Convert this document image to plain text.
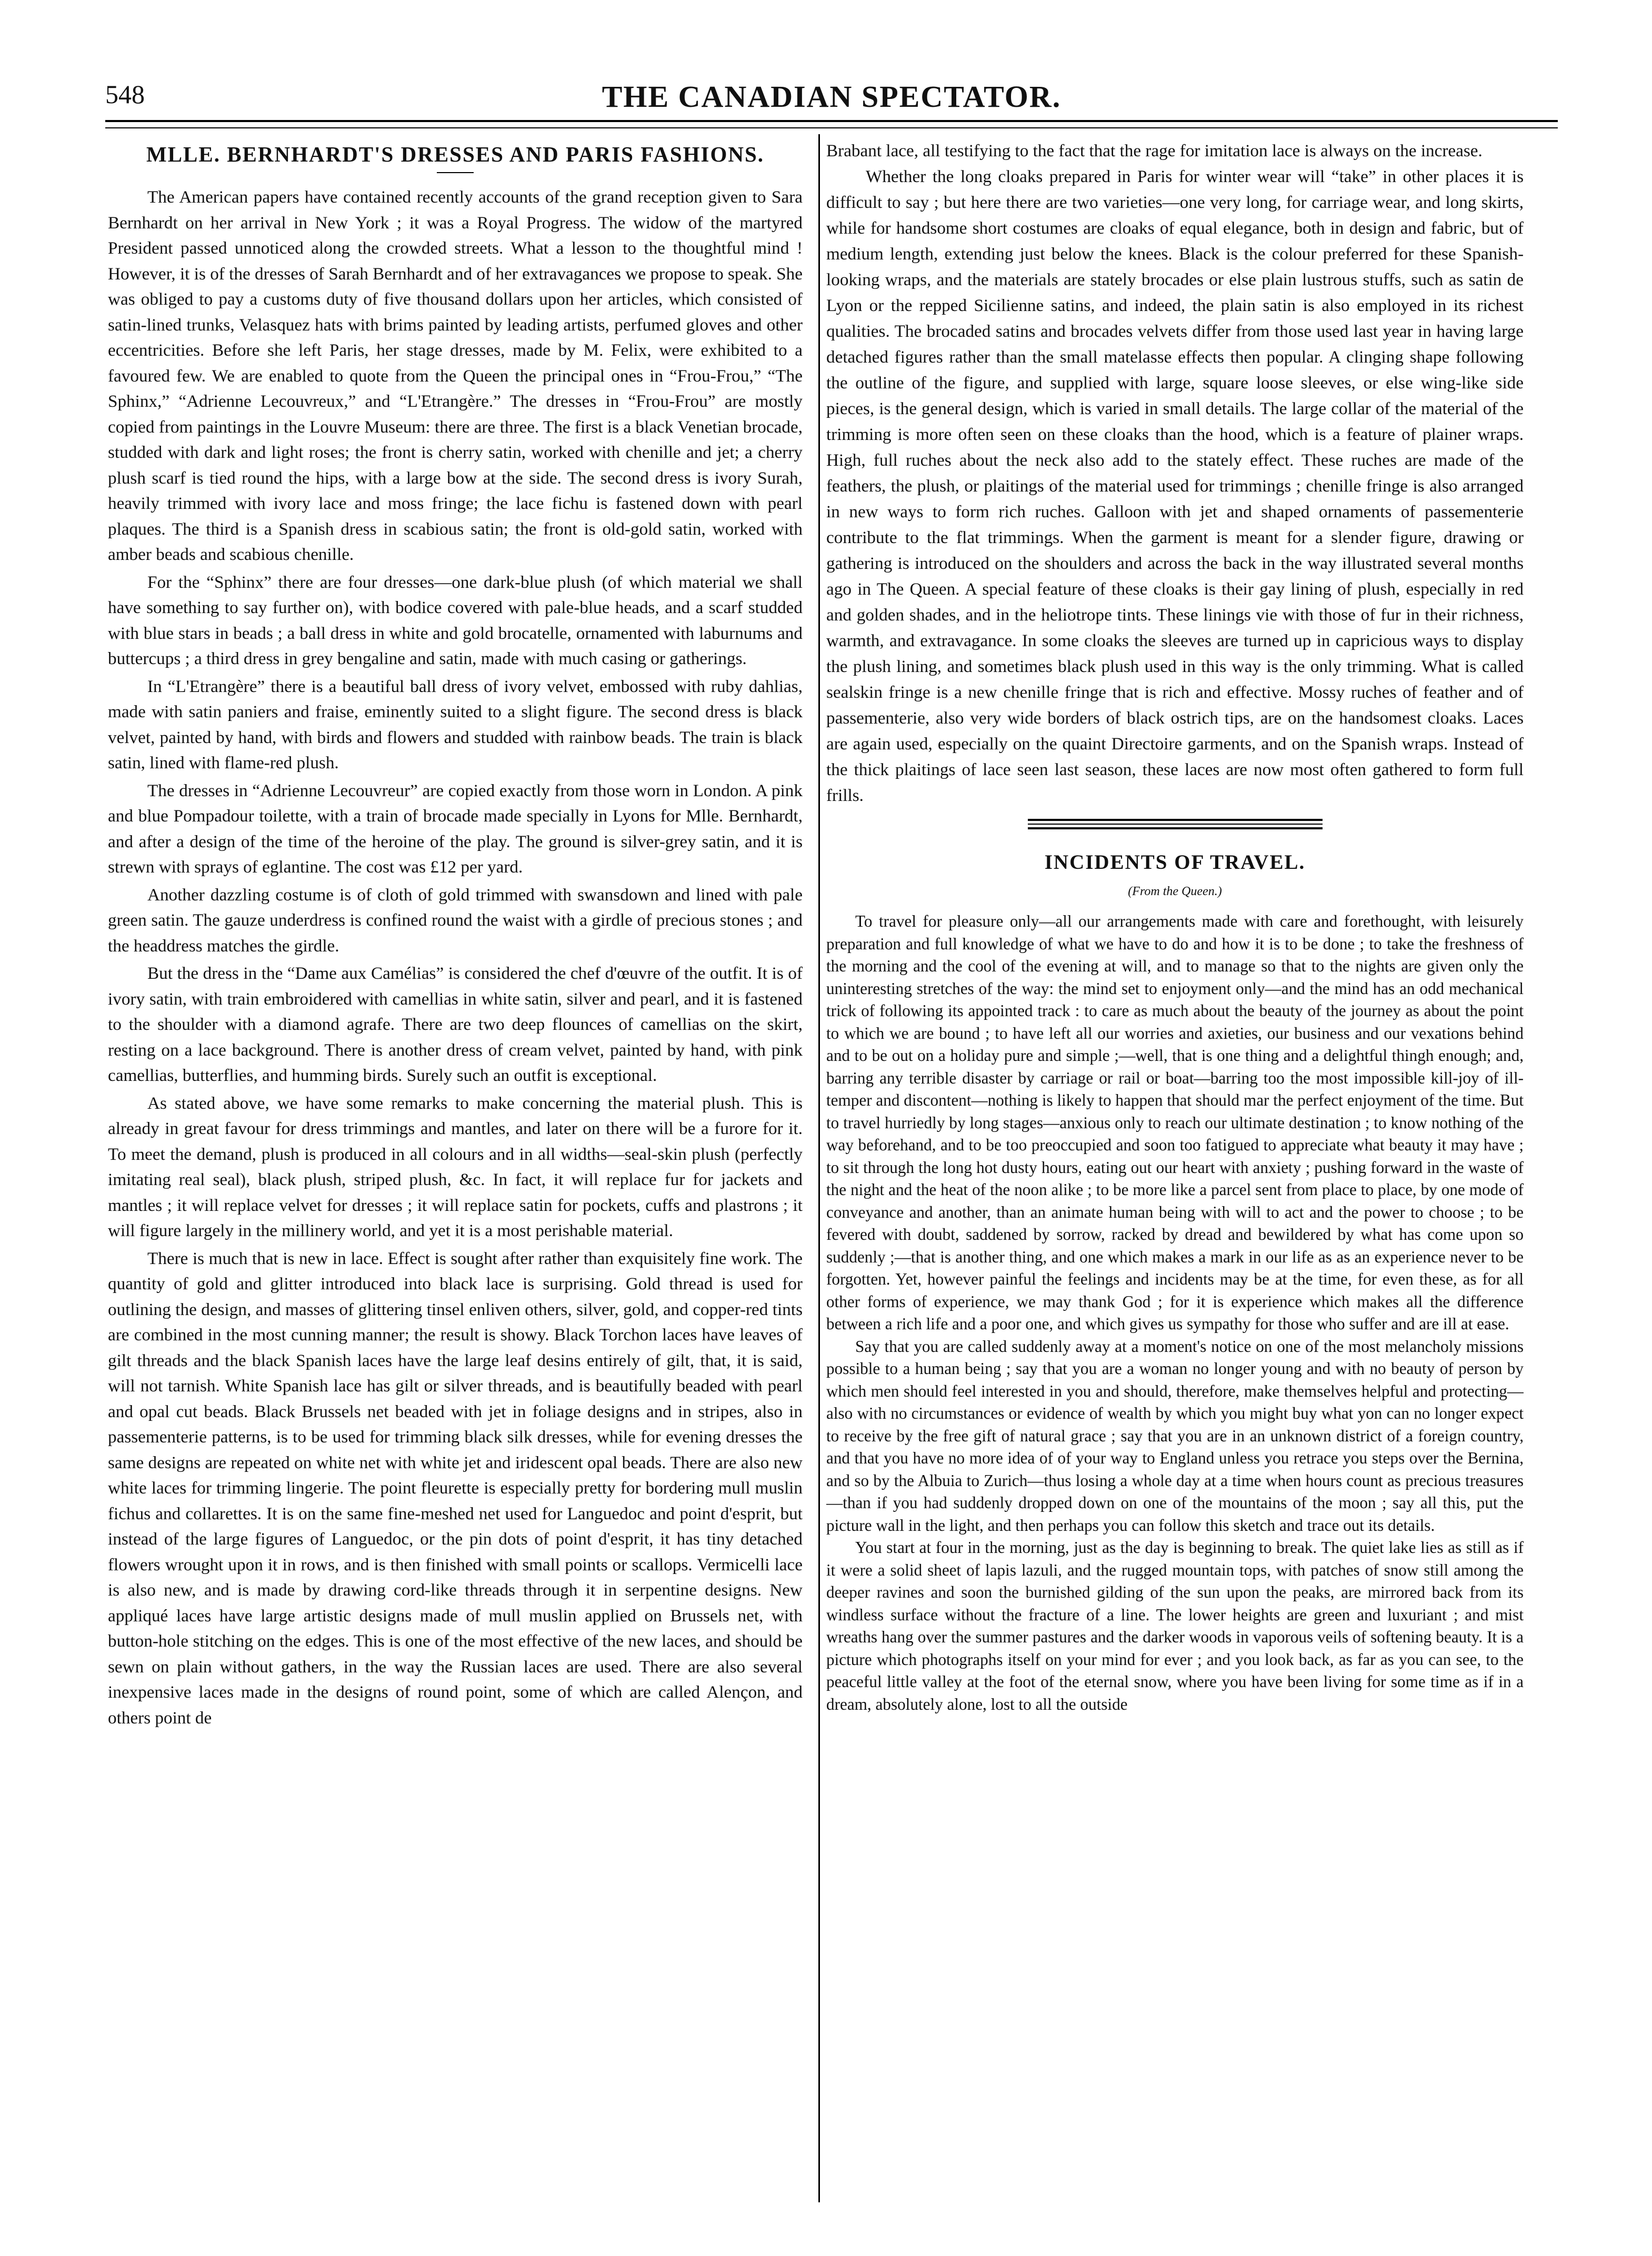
548	THE CANADIAN SPECTATOR.
MLLE. BERNHARDT'S DRESSES AND PARIS FASHIONS.

The American papers have contained recently accounts of the grand reception given to Sara Bernhardt on her arrival in New York ; it was a Royal Progress. The widow of the martyred President passed unnoticed along the crowded streets. What a lesson to the thoughtful mind ! However, it is of the dresses of Sarah Bernhardt and of her extravagances we propose to speak. She was obliged to pay a customs duty of five thousand dollars upon her articles, which consisted of satin-lined trunks, Velasquez hats with brims painted by leading artists, perfumed gloves and other eccentricities. Before she left Paris, her stage dresses, made by M. Felix, were exhibited to a favoured few. We are enabled to quote from the Queen the principal ones in “Frou-Frou,” “The Sphinx,” “Adrienne Lecouvreux,” and “L'Etrangère.” The dresses in “Frou-Frou” are mostly copied from paintings in the Louvre Museum: there are three. The first is a black Venetian brocade, studded with dark and light roses; the front is cherry satin, worked with chenille and jet; a cherry plush scarf is tied round the hips, with a large bow at the side. The second dress is ivory Surah, heavily trimmed with ivory lace and moss fringe; the lace fichu is fastened down with pearl plaques. The third is a Spanish dress in scabious satin; the front is old-gold satin, worked with amber beads and scabious chenille.

For the “Sphinx” there are four dresses—one dark-blue plush (of which material we shall have something to say further on), with bodice covered with pale-blue heads, and a scarf studded with blue stars in beads ; a ball dress in white and gold brocatelle, ornamented with laburnums and buttercups ; a third dress in grey bengaline and satin, made with much casing or gatherings.

In “L'Etrangère” there is a beautiful ball dress of ivory velvet, embossed with ruby dahlias, made with satin paniers and fraise, eminently suited to a slight figure. The second dress is black velvet, painted by hand, with birds and flowers and studded with rainbow beads. The train is black satin, lined with flame-red plush.

The dresses in “Adrienne Lecouvreur” are copied exactly from those worn in London. A pink and blue Pompadour toilette, with a train of brocade made specially in Lyons for Mlle. Bernhardt, and after a design of the time of the heroine of the play. The ground is silver-grey satin, and it is strewn with sprays of eglantine. The cost was £12 per yard.

Another dazzling costume is of cloth of gold trimmed with swansdown and lined with pale green satin. The gauze underdress is confined round the waist with a girdle of precious stones ; and the headdress matches the girdle.

But the dress in the “Dame aux Camélias” is considered the chef d'œuvre of the outfit. It is of ivory satin, with train embroidered with camellias in white satin, silver and pearl, and it is fastened to the shoulder with a diamond agrafe. There are two deep flounces of camellias on the skirt, resting on a lace background. There is another dress of cream velvet, painted by hand, with pink camellias, butterflies, and humming birds. Surely such an outfit is exceptional.

As stated above, we have some remarks to make concerning the material plush. This is already in great favour for dress trimmings and mantles, and later on there will be a furore for it. To meet the demand, plush is produced in all colours and in all widths—seal-skin plush (perfectly imitating real seal), black plush, striped plush, &c. In fact, it will replace fur for jackets and mantles ; it will replace velvet for dresses ; it will replace satin for pockets, cuffs and plastrons ; it will figure largely in the millinery world, and yet it is a most perishable material.

There is much that is new in lace. Effect is sought after rather than exquisitely fine work. The quantity of gold and glitter introduced into black lace is surprising. Gold thread is used for outlining the design, and masses of glittering tinsel enliven others, silver, gold, and copper-red tints are combined in the most cunning manner; the result is showy. Black Torchon laces have leaves of gilt threads and the black Spanish laces have the large leaf desins entirely of gilt, that, it is said, will not tarnish. White Spanish lace has gilt or silver threads, and is beautifully beaded with pearl and opal cut beads. Black Brussels net beaded with jet in foliage designs and in stripes, also in passementerie patterns, is to be used for trimming black silk dresses, while for evening dresses the same designs are repeated on white net with white jet and iridescent opal beads. There are also new white laces for trimming lingerie. The point fleurette is especially pretty for bordering mull muslin fichus and collarettes. It is on the same fine-meshed net used for Languedoc and point d'esprit, but instead of the large figures of Languedoc, or the pin dots of point d'esprit, it has tiny detached flowers wrought upon it in rows, and is then finished with small points or scallops. Vermicelli lace is also new, and is made by drawing cord-like threads through it in serpentine designs. New appliqué laces have large artistic designs made of mull muslin applied on Brussels net, with button-hole stitching on the edges. This is one of the most effective of the new laces, and should be sewn on plain without gathers, in the way the Russian laces are used. There are also several inexpensive laces made in the designs of round point, some of which are called Alençon, and others point de

Brabant lace, all testifying to the fact that the rage for imitation lace is always on the increase.

Whether the long cloaks prepared in Paris for winter wear will “take” in other places it is difficult to say ; but here there are two varieties—one very long, for carriage wear, and long skirts, while for handsome short costumes are cloaks of equal elegance, both in design and fabric, but of medium length, extending just below the knees. Black is the colour preferred for these Spanish-looking wraps, and the materials are stately brocades or else plain lustrous stuffs, such as satin de Lyon or the repped Sicilienne satins, and indeed, the plain satin is also employed in its richest qualities. The brocaded satins and brocades velvets differ from those used last year in having large detached figures rather than the small matelasse effects then popular. A clinging shape following the outline of the figure, and supplied with large, square loose sleeves, or else wing-like side pieces, is the general design, which is varied in small details. The large collar of the material of the trimming is more often seen on these cloaks than the hood, which is a feature of plainer wraps. High, full ruches about the neck also add to the stately effect. These ruches are made of the feathers, the plush, or plaitings of the material used for trimmings ; chenille fringe is also arranged in new ways to form rich ruches. Galloon with jet and shaped ornaments of passementerie contribute to the flat trimmings. When the garment is meant for a slender figure, drawing or gathering is introduced on the shoulders and across the back in the way illustrated several months ago in The Queen. A special feature of these cloaks is their gay lining of plush, especially in red and golden shades, and in the heliotrope tints. These linings vie with those of fur in their richness, warmth, and extravagance. In some cloaks the sleeves are turned up in capricious ways to display the plush lining, and sometimes black plush used in this way is the only trimming. What is called sealskin fringe is a new chenille fringe that is rich and effective. Mossy ruches of feather and of passementerie, also very wide borders of black ostrich tips, are on the handsomest cloaks. Laces are again used, especially on the quaint Directoire garments, and on the Spanish wraps. Instead of the thick plaitings of lace seen last season, these laces are now most often gathered to form full frills.

INCIDENTS OF TRAVEL.
(From the Queen.)

To travel for pleasure only—all our arrangements made with care and forethought, with leisurely preparation and full knowledge of what we have to do and how it is to be done ; to take the freshness of the morning and the cool of the evening at will, and to manage so that to the nights are given only the uninteresting stretches of the way: the mind set to enjoyment only—and the mind has an odd mechanical trick of following its appointed track : to care as much about the beauty of the journey as about the point to which we are bound ; to have left all our worries and axieties, our business and our vexations behind and to be out on a holiday pure and simple ;—well, that is one thing and a delightful thingh enough; and, barring any terrible disaster by carriage or rail or boat—barring too the most impossible kill-joy of ill-temper and discontent—nothing is likely to happen that should mar the perfect enjoyment of the time. But to travel hurriedly by long stages—anxious only to reach our ultimate destination ; to know nothing of the way beforehand, and to be too preoccupied and soon too fatigued to appreciate what beauty it may have ; to sit through the long hot dusty hours, eating out our heart with anxiety ; pushing forward in the waste of the night and the heat of the noon alike ; to be more like a parcel sent from place to place, by one mode of conveyance and another, than an animate human being with will to act and the power to choose ; to be fevered with doubt, saddened by sorrow, racked by dread and bewildered by what has come upon so suddenly ;—that is another thing, and one which makes a mark in our life as as an experience never to be forgotten. Yet, however painful the feelings and incidents may be at the time, for even these, as for all other forms of experience, we may thank God ; for it is experience which makes all the difference between a rich life and a poor one, and which gives us sympathy for those who suffer and are ill at ease.

Say that you are called suddenly away at a moment's notice on one of the most melancholy missions possible to a human being ; say that you are a woman no longer young and with no beauty of person by which men should feel interested in you and should, therefore, make themselves helpful and protecting—also with no circumstances or evidence of wealth by which you might buy what yon can no longer expect to receive by the free gift of natural grace ; say that you are in an unknown district of a foreign country, and that you have no more idea of of your way to England unless you retrace you steps over the Bernina, and so by the Albuia to Zurich—thus losing a whole day at a time when hours count as precious treasures—than if you had suddenly dropped down on one of the mountains of the moon ; say all this, put the picture wall in the light, and then perhaps you can follow this sketch and trace out its details.

You start at four in the morning, just as the day is beginning to break. The quiet lake lies as still as if it were a solid sheet of lapis lazuli, and the rugged mountain tops, with patches of snow still among the deeper ravines and soon the burnished gilding of the sun upon the peaks, are mirrored back from its windless surface without the fracture of a line. The lower heights are green and luxuriant ; and mist wreaths hang over the summer pastures and the darker woods in vaporous veils of softening beauty. It is a picture which photographs itself on your mind for ever ; and you look back, as far as you can see, to the peaceful little valley at the foot of the eternal snow, where you have been living for some time as if in a dream, absolutely alone, lost to all the outside
